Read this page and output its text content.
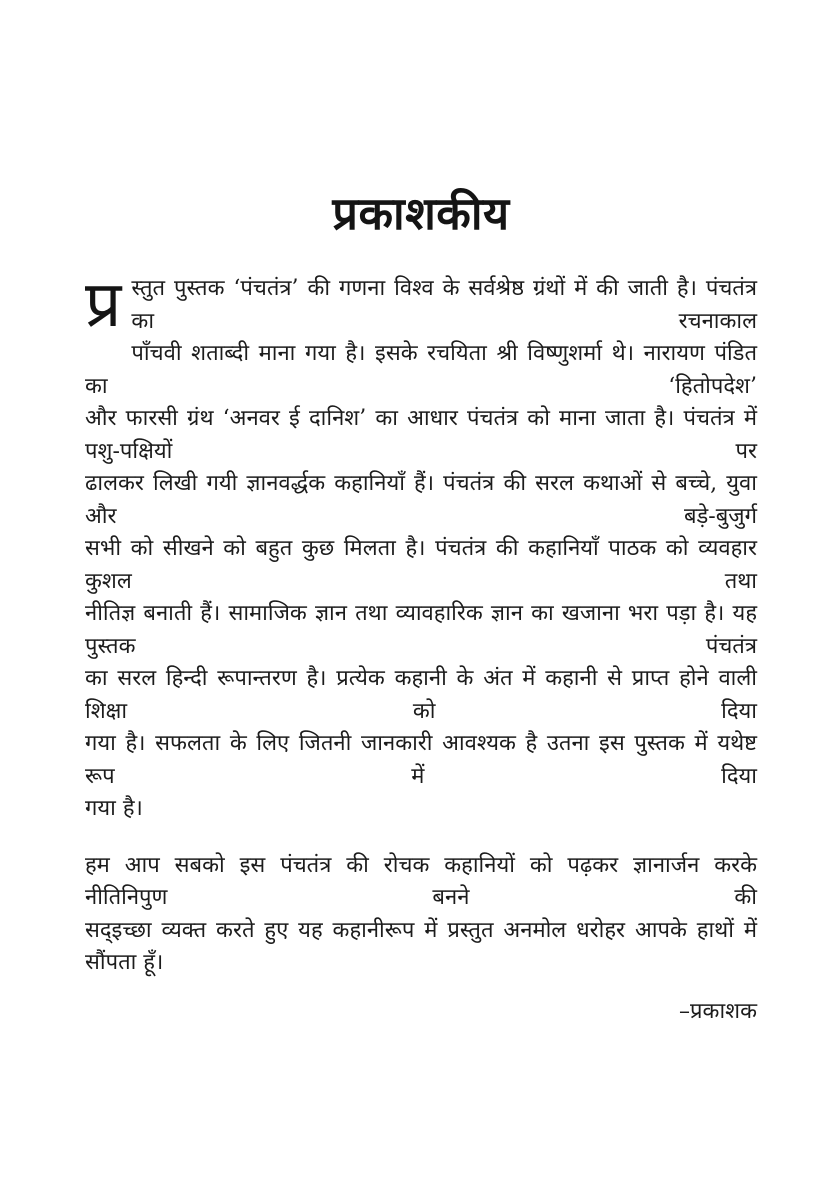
प्रकाशकीय
प्र स्तुत पुस्तक ‘पंचतंत्र’ की गणना विश्व के सर्वश्रेष्ठ ग्रंथों में की जाती है। पंचतंत्र का रचनाकाल
पाँचवी शताब्दी माना गया है। इसके रचयिता श्री विष्णुशर्मा थे। नारायण पंडित का ‘हितोपदेश’
और फारसी ग्रंथ ‘अनवर ई दानिश’ का आधार पंचतंत्र को माना जाता है। पंचतंत्र में पशु-पक्षियों पर
ढालकर लिखी गयी ज्ञानवर्द्धक कहानियाँ हैं। पंचतंत्र की सरल कथाओं से बच्चे, युवा और बड़े-बुजुर्ग
सभी को सीखने को बहुत कुछ मिलता है। पंचतंत्र की कहानियाँ पाठक को व्यवहार कुशल तथा
नीतिज्ञ बनाती हैं। सामाजिक ज्ञान तथा व्यावहारिक ज्ञान का खजाना भरा पड़ा है। यह पुस्तक पंचतंत्र
का सरल हिन्दी रूपान्तरण है। प्रत्येक कहानी के अंत में कहानी से प्राप्त होने वाली शिक्षा को दिया
गया है। सफलता के लिए जितनी जानकारी आवश्यक है उतना इस पुस्तक में यथेष्ट रूप में दिया
गया है।
हम आप सबको इस पंचतंत्र की रोचक कहानियों को पढ़कर ज्ञानार्जन करके नीतिनिपुण बनने की
सद्इच्छा व्यक्त करते हुए यह कहानीरूप में प्रस्तुत अनमोल धरोहर आपके हाथों में सौंपता हूँ।
–प्रकाशक
